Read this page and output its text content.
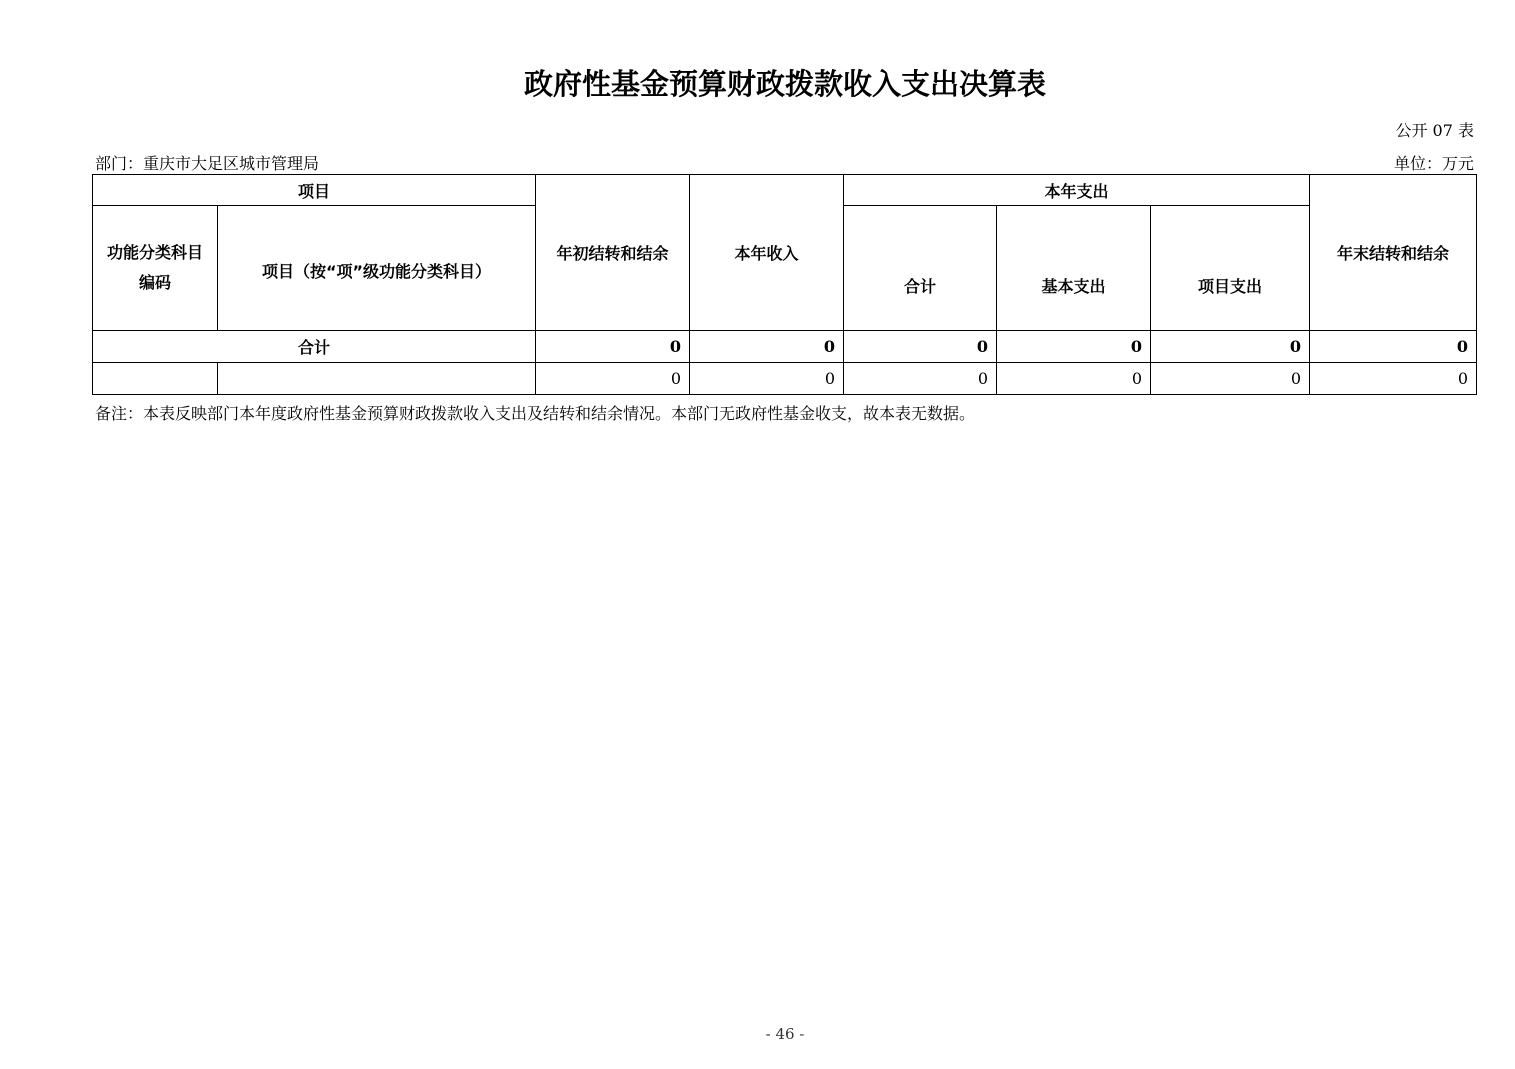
政府性基金预算财政拨款收入支出决算表
公开 07 表
部门：重庆市大足区城市管理局	单位：万元
项目		年初结转和结余	本年收入	本年支出			年末结转和结余

功能分类科目
编码	项目（按“项”级功能分类科目）			合计	基本支出	项目支出	
合计		0	0	0	0	0	0
		0	0	0	0	0	0
备注：本表反映部门本年度政府性基金预算财政拨款收入支出及结转和结余情况。本部门无政府性基金收支，故本表无数据。
- 46 -
